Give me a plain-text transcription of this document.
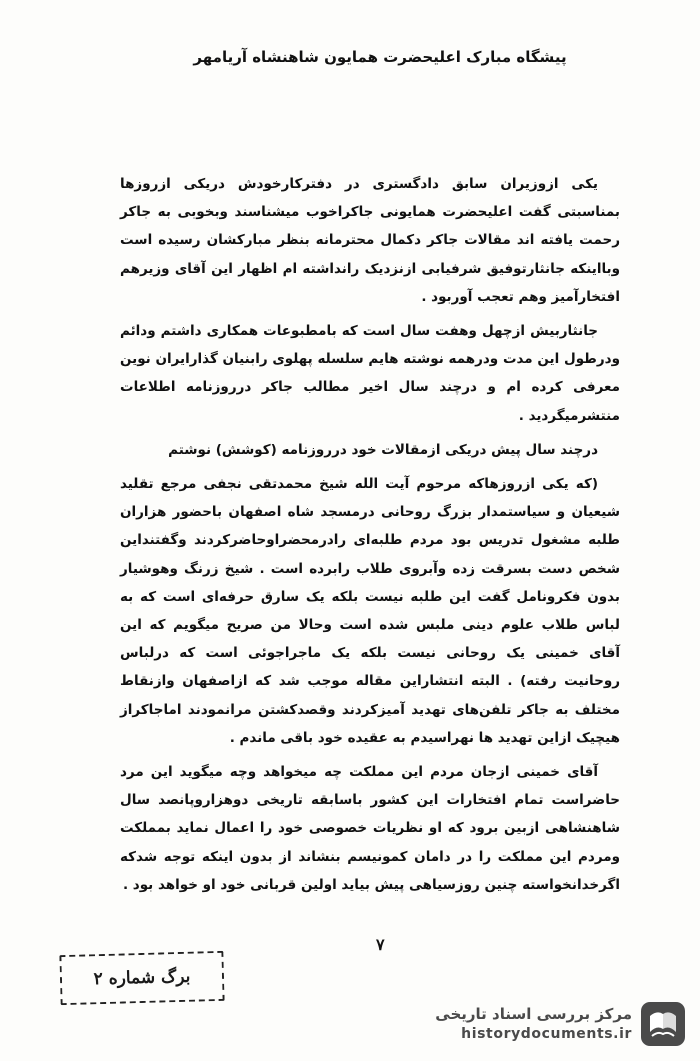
پیشگاه مبارک اعلیحضرت همایون شاهنشاه آریامهر

یکی ازوزیران سابق دادگستری در دفترکارخودش دریکی ازروزها بمناسبتی گفت اعلیحضرت همایونی جاکراخوب میشناسند وبخوبی به جاکر رحمت یافته اند مقالات جاکر دکمال محترمانه بنظر مبارکشان رسیده است وبااینکه جانثارتوفیق شرفیابی ازنزدیک رانداشته ام اظهار این آقای وزیرهم افتخارآمیز وهم تعجب آوربود .

جانثاربیش ازچهل وهفت سال است که بامطبوعات همکاری داشتم ودائم ودرطول این مدت ودرهمه نوشته هایم سلسله پهلوی رابنیان گذارایران نوین معرفی کرده ام و درچند سال اخیر مطالب جاکر درروزنامه اطلاعات منتشرمیگردید .

درچند سال پیش دریکی ازمقالات خود درروزنامه (کوشش) نوشتم

(که یکی ازروزهاکه مرحوم آیت الله شیخ محمدتقی نجفی مرجع تقلید شیعیان و سیاستمدار بزرگ روحانی درمسجد شاه اصفهان باحضور هزاران طلبه مشغول تدریس بود مردم طلبه‌ای رادرمحضراوحاضرکردند وگفتنداین شخص دست بسرقت زده وآبروی طلاب رابرده است . شیخ زرنگ وهوشیار بدون فکرونامل گفت این طلبه نیست بلکه یک سارق حرفه‌ای است که به لباس طلاب علوم دینی ملبس شده است وحالا من صریح میگویم که این آقای خمینی یک روحانی نیست بلکه یک ماجراجوئی است که درلباس روحانیت رفته) . البته انتشاراین مقاله موجب شد که ازاصفهان وازنقاط مختلف به جاکر تلفن‌های تهدید آمیزکردند وقصدکشتن مرانمودند اماجاکراز هیچیک ازاین تهدید ها نهراسیدم به عقیده خود باقی ماندم .

آقای خمینی ازجان مردم این مملکت چه میخواهد وچه میگوید این مرد حاضراست تمام افتخارات این کشور باسابقه تاریخی دوهزاروپانصد سال شاهنشاهی ازبین برود که او نظریات خصوصی خود را اعمال نماید بمملکت ومردم این مملکت را در دامان کمونیسم بنشاند از بدون اینکه توجه شدکه اگرخدانخواسته چنین روزسیاهی پیش بیاید اولین قربانی خود او خواهد بود .

۷
برگ شماره ۲
مرکز بررسی اسناد تاریخی
historydocuments.ir
